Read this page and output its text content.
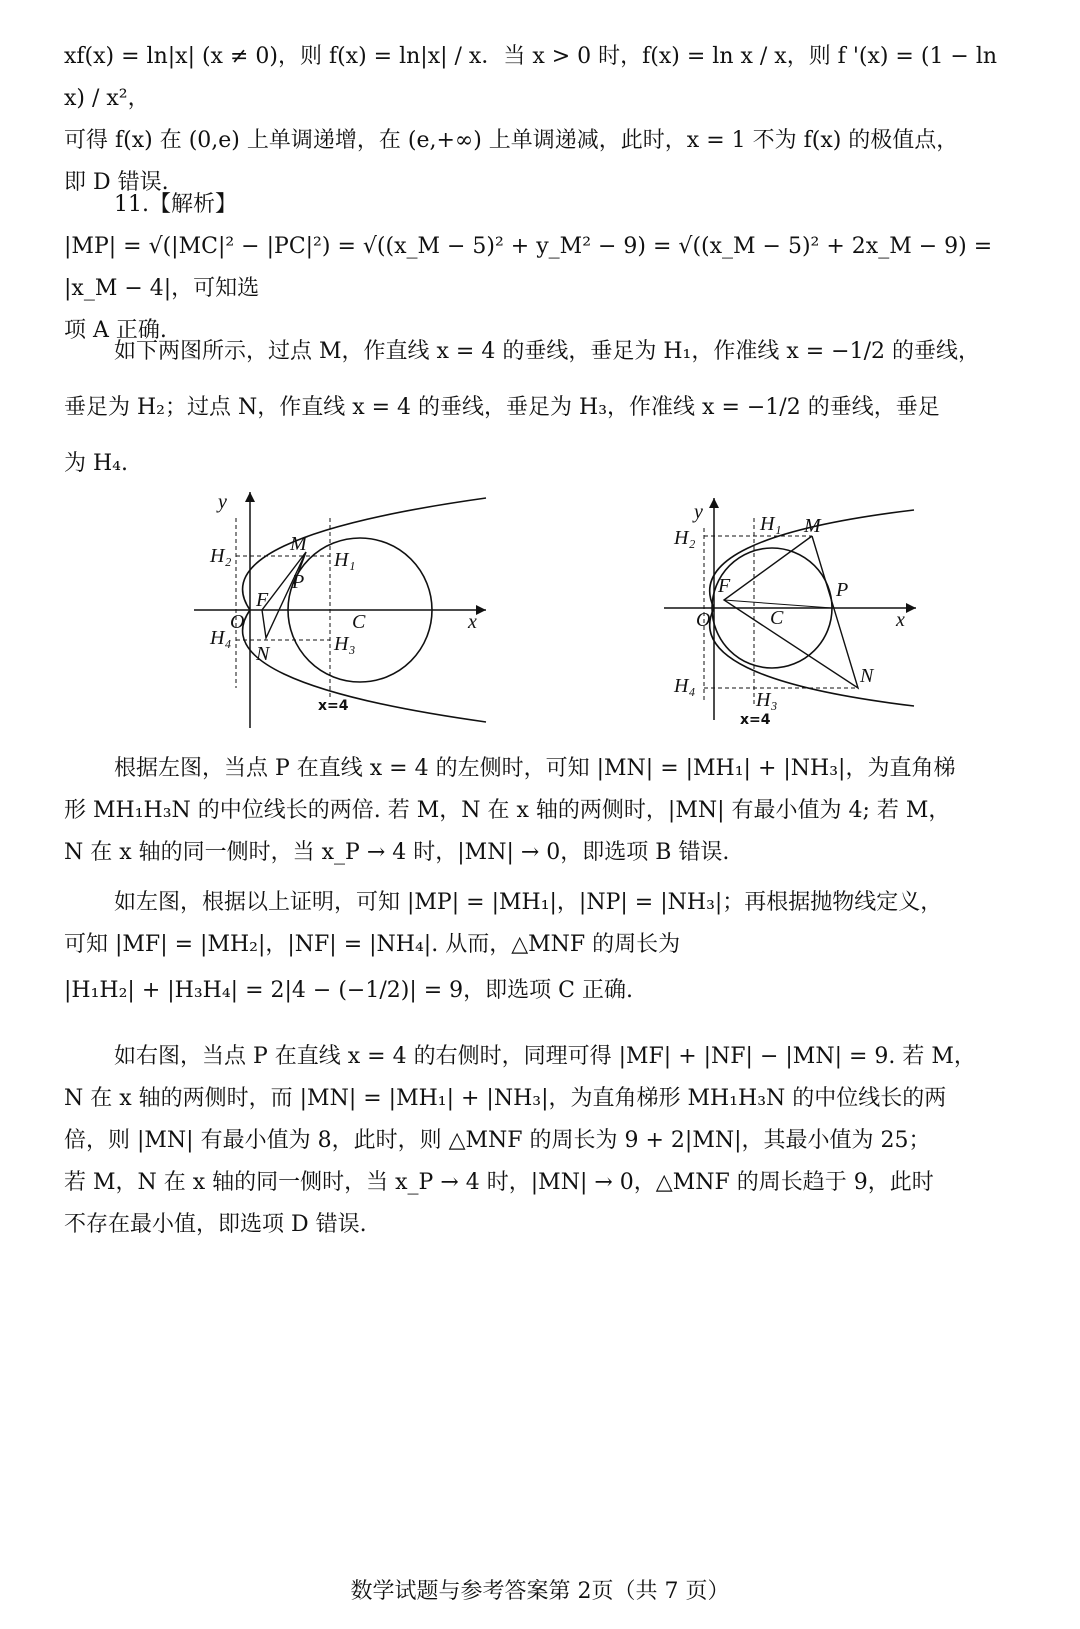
xf(x) = ln|x| (x ≠ 0)，则 f(x) = ln|x| / x．当 x > 0 时，f(x) = ln x / x，则 f '(x) = (1 − ln x) / x²，

可得 f(x) 在 (0,e) 上单调递增，在 (e,+∞) 上单调递减，此时，x = 1 不为 f(x) 的极值点，

即 D 错误.

11.【解析】

|MP| = √(|MC|² − |PC|²) = √((x_M − 5)² + y_M² − 9) = √((x_M − 5)² + 2x_M − 9) = |x_M − 4|，可知选

项 A 正确.

如下两图所示，过点 M，作直线 x = 4 的垂线，垂足为 H₁，作准线 x = −1/2 的垂线，

垂足为 H₂；过点 N，作直线 x = 4 的垂线，垂足为 H₃，作准线 x = −1/2 的垂线，垂足

为 H₄.

y
x
O
F
C
M
N
P
H₁
H₂
H₃
H₄
x=4
y
x
O
F
C
M
N
P
H₁
H₂
H₃
H₄
x=4

根据左图，当点 P 在直线 x = 4 的左侧时，可知 |MN| = |MH₁| + |NH₃|，为直角梯

形 MH₁H₃N 的中位线长的两倍. 若 M，N 在 x 轴的两侧时，|MN| 有最小值为 4; 若 M，

N 在 x 轴的同一侧时，当 x_P → 4 时，|MN| → 0，即选项 B 错误.

如左图，根据以上证明，可知 |MP| = |MH₁|，|NP| = |NH₃|；再根据抛物线定义，

可知 |MF| = |MH₂|，|NF| = |NH₄|. 从而，△MNF 的周长为

|H₁H₂| + |H₃H₄| = 2|4 − (−1/2)| = 9，即选项 C 正确.

如右图，当点 P 在直线 x = 4 的右侧时，同理可得 |MF| + |NF| − |MN| = 9. 若 M，

N 在 x 轴的两侧时，而 |MN| = |MH₁| + |NH₃|，为直角梯形 MH₁H₃N 的中位线长的两

倍，则 |MN| 有最小值为 8，此时，则 △MNF 的周长为 9 + 2|MN|，其最小值为 25；

若 M，N 在 x 轴的同一侧时，当 x_P → 4 时，|MN| → 0，△MNF 的周长趋于 9，此时

不存在最小值，即选项 D 错误.

数学试题与参考答案第 2页（共 7 页）
